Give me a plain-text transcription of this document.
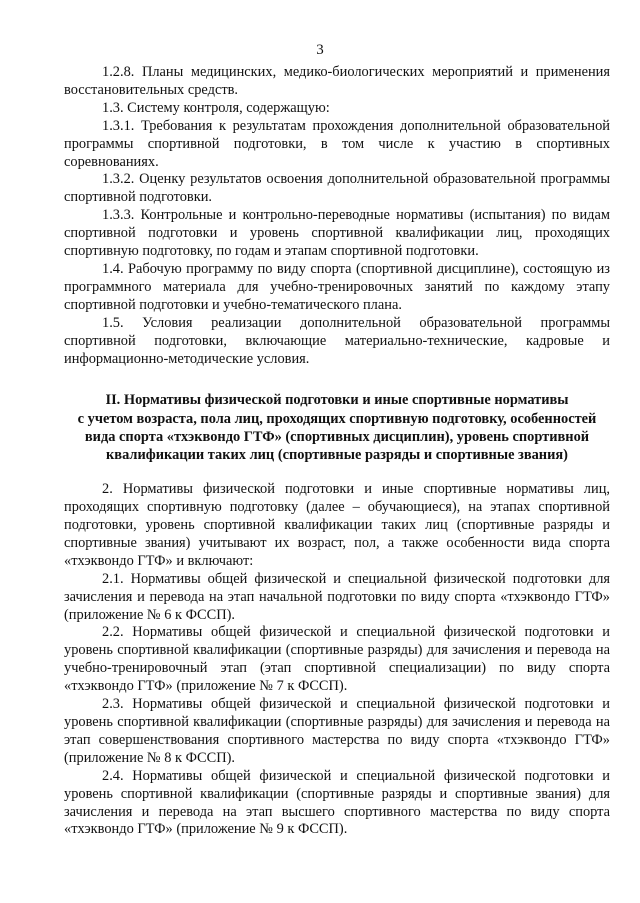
3

1.2.8. Планы медицинских, медико-биологических мероприятий и применения восстановительных средств.

1.3. Систему контроля, содержащую:

1.3.1. Требования к результатам прохождения дополнительной образовательной программы спортивной подготовки, в том числе к участию в спортивных соревнованиях.

1.3.2. Оценку результатов освоения дополнительной образовательной программы спортивной подготовки.

1.3.3. Контрольные и контрольно-переводные нормативы (испытания) по видам спортивной подготовки и уровень спортивной квалификации лиц, проходящих спортивную подготовку, по годам и этапам спортивной подготовки.

1.4. Рабочую программу по виду спорта (спортивной дисциплине), состоящую из программного материала для учебно-тренировочных занятий по каждому этапу спортивной подготовки и учебно-тематического плана.

1.5. Условия реализации дополнительной образовательной программы спортивной подготовки, включающие материально-технические, кадровые и информационно-методические условия.

II. Нормативы физической подготовки и иные спортивные нормативы
с учетом возраста, пола лиц, проходящих спортивную подготовку, особенностей
вида спорта «тхэквондо ГТФ» (спортивных дисциплин), уровень спортивной
квалификации таких лиц (спортивные разряды и спортивные звания)

2. Нормативы физической подготовки и иные спортивные нормативы лиц, проходящих спортивную подготовку (далее – обучающиеся), на этапах спортивной подготовки, уровень спортивной квалификации таких лиц (спортивные разряды и спортивные звания) учитывают их возраст, пол, а также особенности вида спорта «тхэквондо ГТФ» и включают:

2.1. Нормативы общей физической и специальной физической подготовки для зачисления и перевода на этап начальной подготовки по виду спорта «тхэквондо ГТФ» (приложение № 6 к ФССП).

2.2. Нормативы общей физической и специальной физической подготовки и уровень спортивной квалификации (спортивные разряды) для зачисления и перевода на учебно-тренировочный этап (этап спортивной специализации) по виду спорта «тхэквондо ГТФ» (приложение № 7 к ФССП).

2.3. Нормативы общей физической и специальной физической подготовки и уровень спортивной квалификации (спортивные разряды) для зачисления и перевода на этап совершенствования спортивного мастерства по виду спорта «тхэквондо ГТФ» (приложение № 8 к ФССП).

2.4. Нормативы общей физической и специальной физической подготовки и уровень спортивной квалификации (спортивные разряды и спортивные звания) для зачисления и перевода на этап высшего спортивного мастерства по виду спорта «тхэквондо ГТФ» (приложение № 9 к ФССП).
